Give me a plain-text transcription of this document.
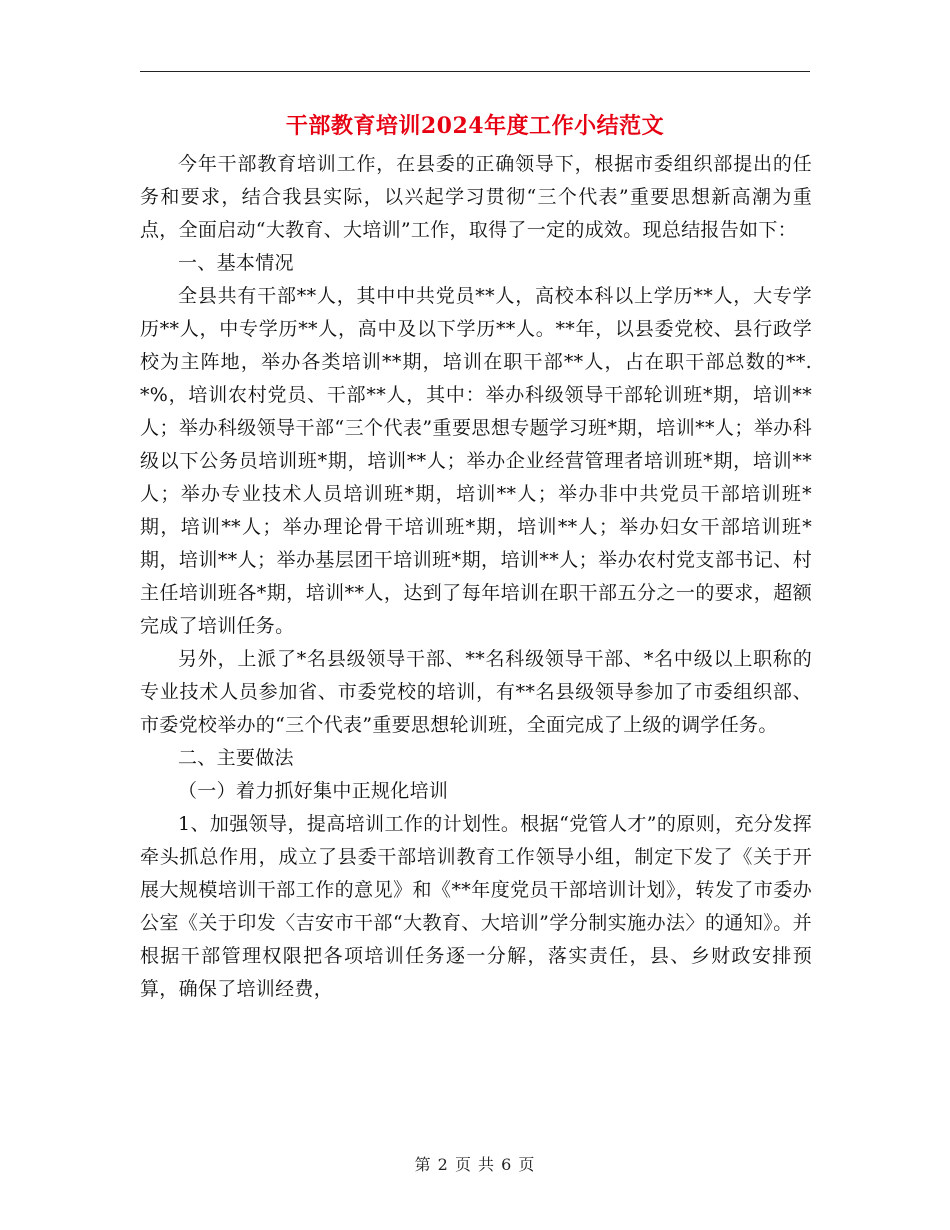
干部教育培训2024年度工作小结范文

今年干部教育培训工作，在县委的正确领导下，根据市委组织部提出的任务和要求，结合我县实际，以兴起学习贯彻“三个代表”重要思想新高潮为重点，全面启动“大教育、大培训”工作，取得了一定的成效。现总结报告如下：

一、基本情况

全县共有干部**人，其中中共党员**人，高校本科以上学历**人，大专学历**人，中专学历**人，高中及以下学历**人。**年，以县委党校、县行政学校为主阵地，举办各类培训**期，培训在职干部**人，占在职干部总数的**.*%，培训农村党员、干部**人，其中：举办科级领导干部轮训班*期，培训**人；举办科级领导干部“三个代表”重要思想专题学习班*期，培训**人；举办科级以下公务员培训班*期，培训**人；举办企业经营管理者培训班*期，培训**人；举办专业技术人员培训班*期，培训**人；举办非中共党员干部培训班*期，培训**人；举办理论骨干培训班*期，培训**人；举办妇女干部培训班*期，培训**人；举办基层团干培训班*期，培训**人；举办农村党支部书记、村主任培训班各*期，培训**人，达到了每年培训在职干部五分之一的要求，超额完成了培训任务。

另外，上派了*名县级领导干部、**名科级领导干部、*名中级以上职称的专业技术人员参加省、市委党校的培训，有**名县级领导参加了市委组织部、市委党校举办的“三个代表”重要思想轮训班，全面完成了上级的调学任务。

二、主要做法

（一）着力抓好集中正规化培训

1、加强领导，提高培训工作的计划性。根据“党管人才”的原则，充分发挥牵头抓总作用，成立了县委干部培训教育工作领导小组，制定下发了《关于开展大规模培训干部工作的意见》和《**年度党员干部培训计划》，转发了市委办公室《关于印发〈吉安市干部“大教育、大培训”学分制实施办法〉的通知》。并根据干部管理权限把各项培训任务逐一分解，落实责任，县、乡财政安排预算，确保了培训经费，

第 2 页 共 6 页
